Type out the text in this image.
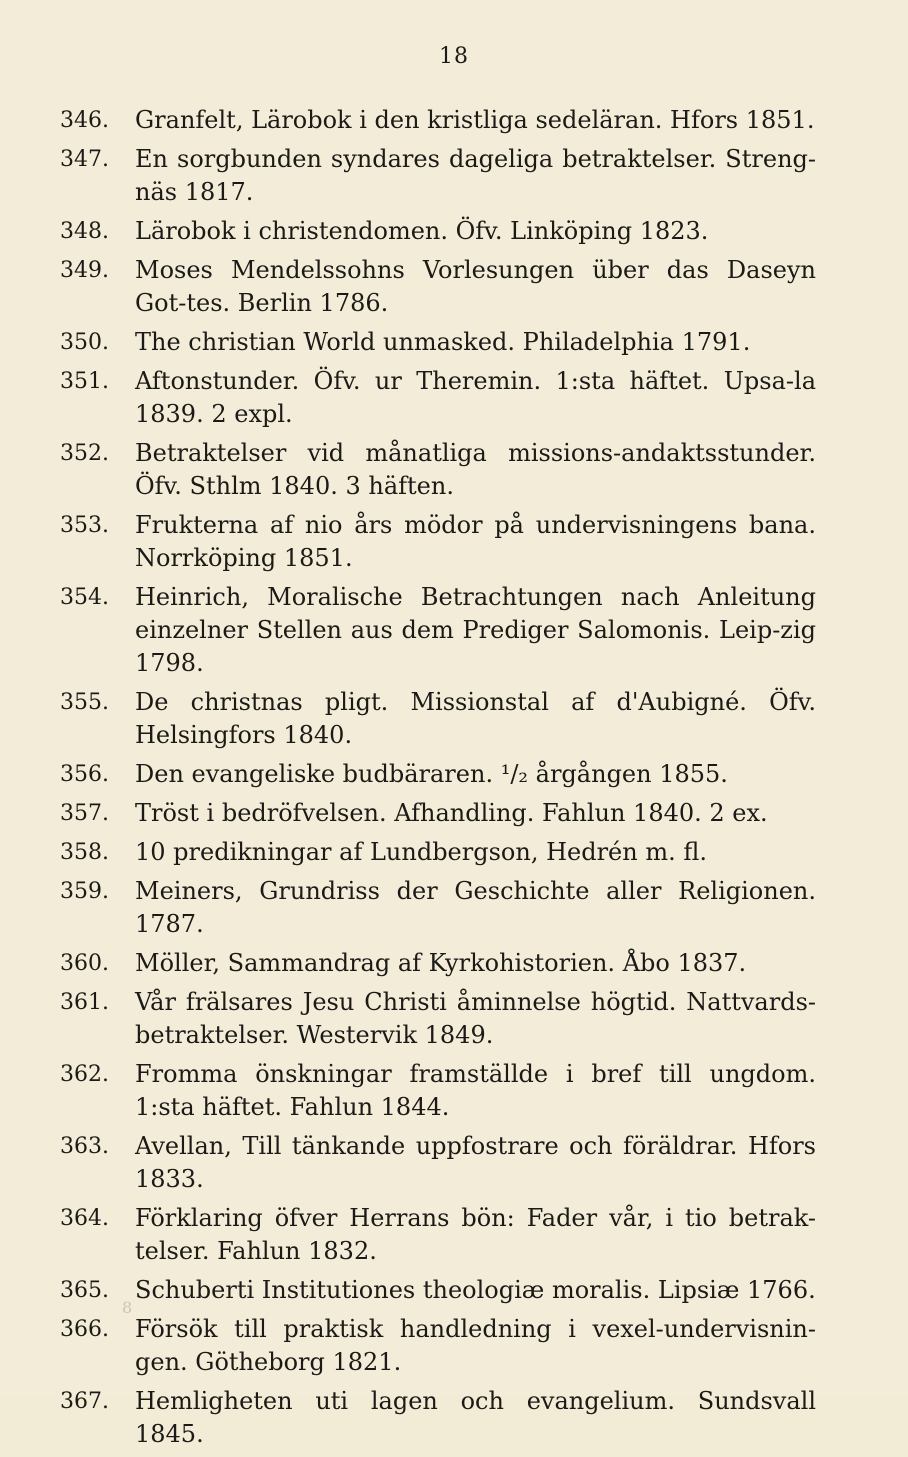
18
346. Granfelt, Lärobok i den kristliga sedeläran. Hfors 1851.
347. En sorgbunden syndares dageliga betraktelser. Streng-näs 1817.
348. Lärobok i christendomen. Öfv. Linköping 1823.
349. Moses Mendelssohns Vorlesungen über das Daseyn Got-tes. Berlin 1786.
350. The christian World unmasked. Philadelphia 1791.
351. Aftonstunder. Öfv. ur Theremin. 1:sta häftet. Upsa-la 1839. 2 expl.
352. Betraktelser vid månatliga missions-andaktsstunder. Öfv. Sthlm 1840. 3 häften.
353. Frukterna af nio års mödor på undervisningens bana. Norrköping 1851.
354. Heinrich, Moralische Betrachtungen nach Anleitung einzelner Stellen aus dem Prediger Salomonis. Leip-zig 1798.
355. De christnas pligt. Missionstal af d'Aubigné. Öfv. Helsingfors 1840.
356. Den evangeliske budbäraren. ¹/₂ årgången 1855.
357. Tröst i bedröfvelsen. Afhandling. Fahlun 1840. 2 ex.
358. 10 predikningar af Lundbergson, Hedrén m. fl.
359. Meiners, Grundriss der Geschichte aller Religionen. 1787.
360. Möller, Sammandrag af Kyrkohistorien. Åbo 1837.
361. Vår frälsares Jesu Christi åminnelse högtid. Nattvards-betraktelser. Westervik 1849.
362. Fromma önskningar framställde i bref till ungdom. 1:sta häftet. Fahlun 1844.
363. Avellan, Till tänkande uppfostrare och föräldrar. Hfors 1833.
364. Förklaring öfver Herrans bön: Fader vår, i tio betrak-telser. Fahlun 1832.
365. Schuberti Institutiones theologiæ moralis. Lipsiæ 1766.
366. Försök till praktisk handledning i vexel-undervisnin-gen. Götheborg 1821.
367. Hemligheten uti lagen och evangelium. Sundsvall 1845.
8
